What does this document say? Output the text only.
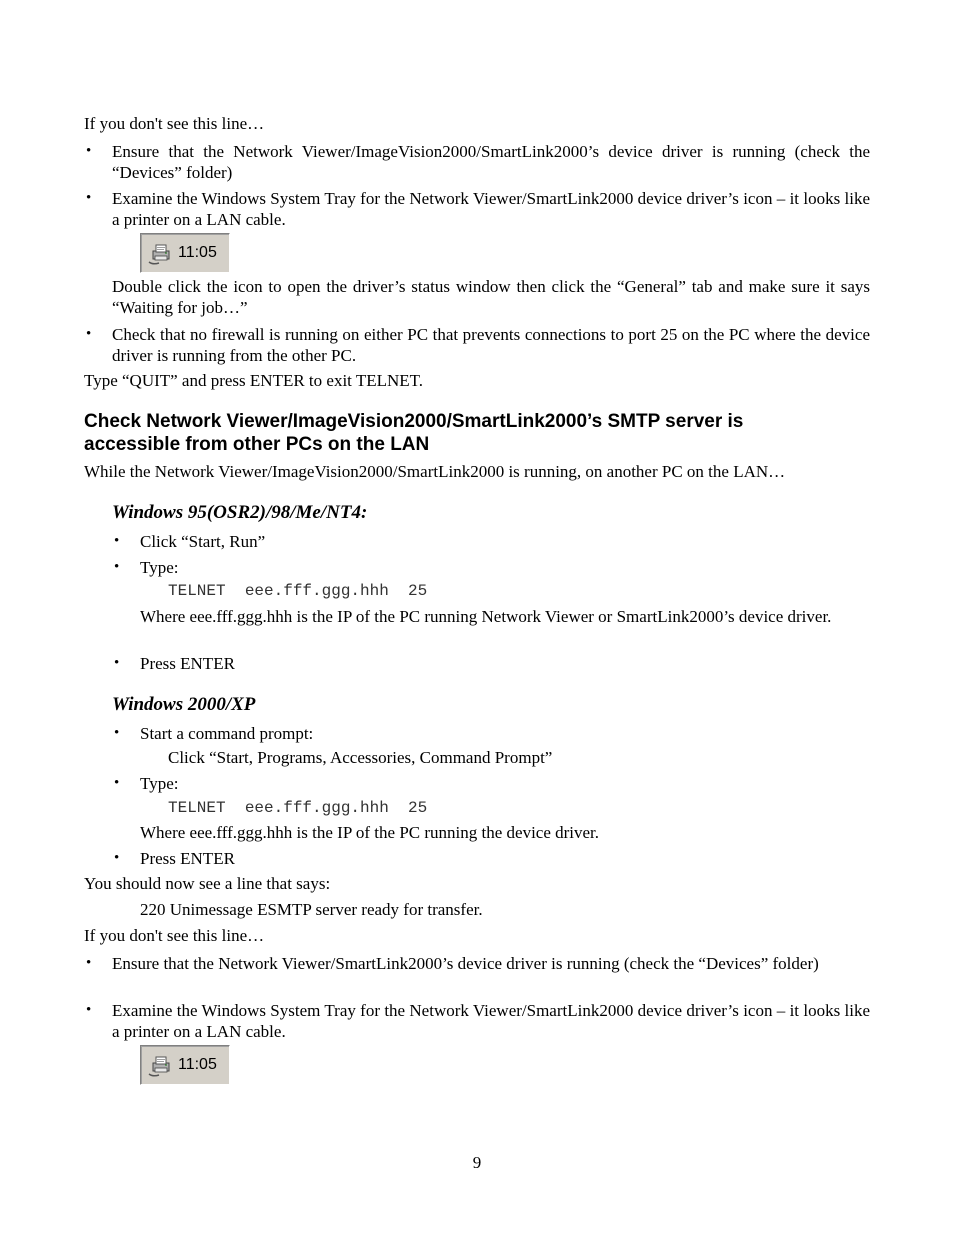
If you don't see this line…
• Ensure that the Network Viewer/ImageVision2000/SmartLink2000’s device driver is running (check the “Devices” folder)
• Examine the Windows System Tray for the Network Viewer/SmartLink2000 device driver’s icon – it looks like a printer on a LAN cable.
11:05
Double click the icon to open the driver’s status window then click the “General” tab and make sure it says “Waiting for job…”
• Check that no firewall is running on either PC that prevents connections to port 25 on the PC where the device driver is running from the other PC.
Type “QUIT” and press ENTER to exit TELNET.
Check Network Viewer/ImageVision2000/SmartLink2000’s SMTP server is
accessible from other PCs on the LAN
While the Network Viewer/ImageVision2000/SmartLink2000 is running, on another PC on the LAN…
Windows 95(OSR2)/98/Me/NT4:
• Click “Start, Run”
• Type:
TELNET  eee.fff.ggg.hhh  25
Where eee.fff.ggg.hhh is the IP of the PC running Network Viewer or SmartLink2000’s device driver.
• Press ENTER
Windows 2000/XP
• Start a command prompt:
Click “Start, Programs, Accessories, Command Prompt”
• Type:
TELNET  eee.fff.ggg.hhh  25
Where eee.fff.ggg.hhh is the IP of the PC running the device driver.
• Press ENTER
You should now see a line that says:
220 Unimessage ESMTP server ready for transfer.
If you don't see this line…
• Ensure that the Network Viewer/SmartLink2000’s device driver is running (check the “Devices” folder)
• Examine the Windows System Tray for the Network Viewer/SmartLink2000 device driver’s icon – it looks like a printer on a LAN cable.
11:05
9
